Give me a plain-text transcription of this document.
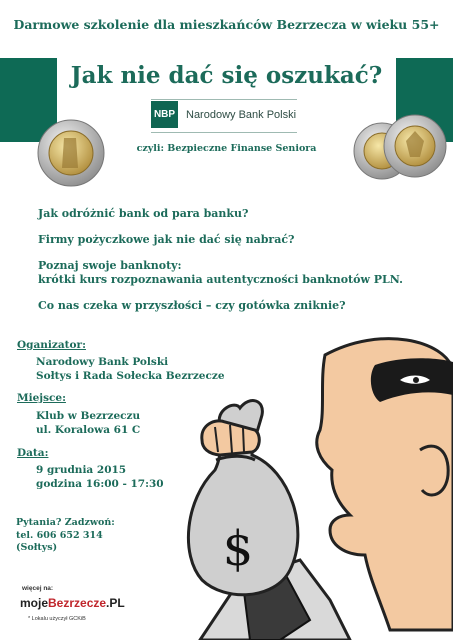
Darmowe szkolenie dla mieszkańców Bezrzecza w wieku 55+
Jak nie dać się oszukać?
NBP Narodowy Bank Polski
czyli: Bezpieczne Finanse Seniora
Jak odróżnić bank od para banku?
Firmy pożyczkowe jak nie dać się nabrać?
Poznaj swoje banknoty:
krótki kurs rozpoznawania autentyczności banknotów PLN.
Co nas czeka w przyszłości – czy gotówka zniknie?
Oganizator:
Narodowy Bank Polski
Sołtys i Rada Sołecka Bezrzecze
Miejsce:
Klub w Bezrzeczu
ul. Koralowa 61 C
Data:
9 grudnia 2015
godzina 16:00 - 17:30
Pytania? Zadzwoń:
tel. 606 652 314
(Sołtys)
więcej na:
mojeBezrzecze.PL
* Lokalu użyczył GCKiB
$
